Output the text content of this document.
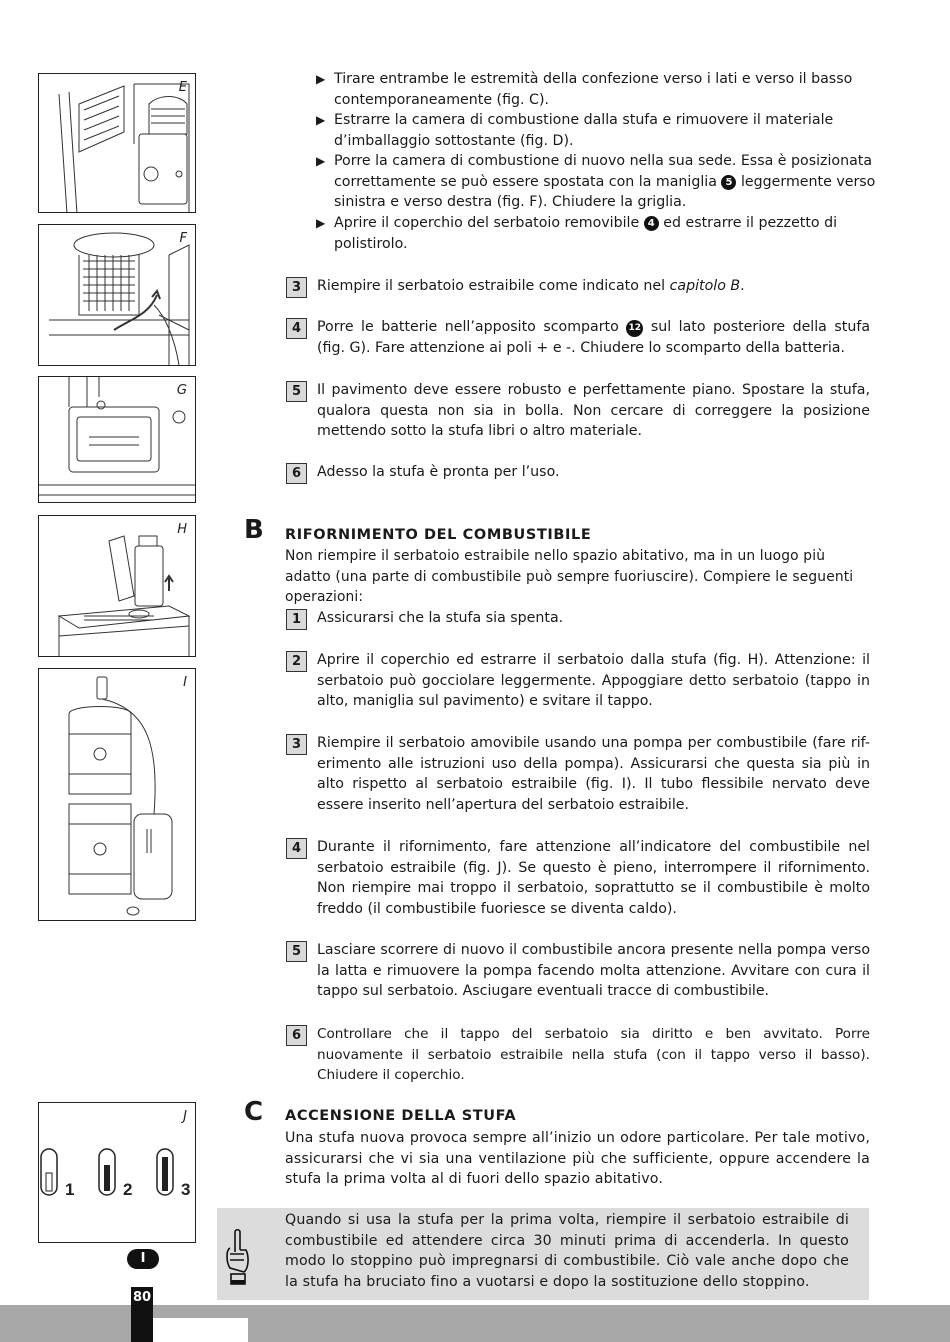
E
F
G
H
I
1	2	3
J
▶ Tirare entrambe le estremità della confezione verso i lati e verso il basso contemporaneamente (fig. C).
▶ Estrarre la camera di combustione dalla stufa e rimuovere il materiale d’imballaggio sottostante (fig. D).
▶ Porre la camera di combustione di nuovo nella sua sede. Essa è posizionata correttamente se può essere spostata con la maniglia 5 leggermente verso sinistra e verso destra (fig. F). Chiudere la griglia.
▶ Aprire il coperchio del serbatoio removibile 4 ed estrarre il pezzetto di polistirolo.
3	Riempire il serbatoio estraibile come indicato nel capitolo B.
4	Porre le batterie nell’apposito scomparto 12 sul lato posteriore della stufa (fig. G). Fare attenzione ai poli + e -. Chiudere lo scomparto della batteria.
5	Il pavimento deve essere robusto e perfettamente piano. Spostare la stufa, qualora questa non sia in bolla. Non cercare di correggere la posizione mettendo sotto la stufa libri o altro materiale.
6	Adesso la stufa è pronta per l’uso.
B RIFORNIMENTO DEL COMBUSTIBILE
Non riempire il serbatoio estraibile nello spazio abitativo, ma in un luogo più adatto (una parte di combustibile può sempre fuoriuscire). Compiere le seguenti operazioni:
1	Assicurarsi che la stufa sia spenta.
2	Aprire il coperchio ed estrarre il serbatoio dalla stufa (fig. H). Attenzione: il serbatoio può gocciolare leggermente. Appoggiare detto serbatoio (tappo in alto, maniglia sul pavimento) e svitare il tappo.
3	Riempire il serbatoio amovibile usando una pompa per combustibile (fare rif-erimento alle istruzioni uso della pompa). Assicurarsi che questa sia più in alto rispetto al serbatoio estraibile (fig. I). Il tubo flessibile nervato deve essere inserito nell’apertura del serbatoio estraibile.
4	Durante il rifornimento, fare attenzione all’indicatore del combustibile nel serbatoio estraibile (fig. J). Se questo è pieno, interrompere il rifornimento. Non riempire mai troppo il serbatoio, soprattutto se il combustibile è molto freddo (il combustibile fuoriesce se diventa caldo).
5	Lasciare scorrere di nuovo il combustibile ancora presente nella pompa verso la latta e rimuovere la pompa facendo molta attenzione. Avvitare con cura il tappo sul serbatoio. Asciugare eventuali tracce di combustibile.
6	Controllare che il tappo del serbatoio sia diritto e ben avvitato. Porre nuovamente il serbatoio estraibile nella stufa (con il tappo verso il basso). Chiudere il coperchio.
C ACCENSIONE DELLA STUFA
Una stufa nuova provoca sempre all’inizio un odore particolare. Per tale motivo, assicurarsi che vi sia una ventilazione più che sufficiente, oppure accendere la stufa la prima volta al di fuori dello spazio abitativo.
Quando si usa la stufa per la prima volta, riempire il serbatoio estraibile di combustibile ed attendere circa 30 minuti prima di accenderla. In questo modo lo stoppino può impregnarsi di combustibile. Ciò vale anche dopo che la stufa ha bruciato fino a vuotarsi e dopo la sostituzione dello stoppino.
I
80
